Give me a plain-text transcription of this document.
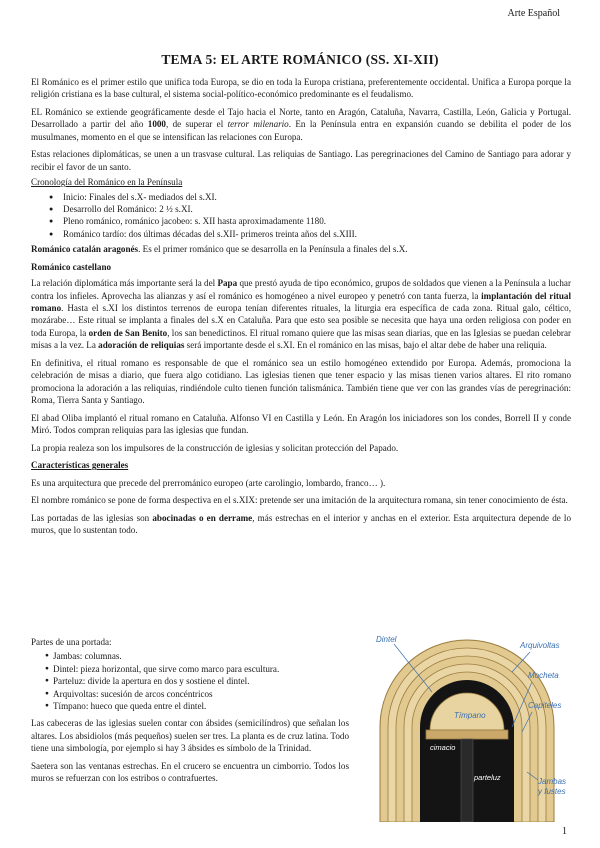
Arte Español
TEMA 5: EL ARTE ROMÁNICO (SS. XI-XII)

El Románico es el primer estilo que unifica toda Europa, se dio en toda la Europa cristiana, preferentemente occidental. Unifica a Europa porque la religión cristiana es la base cultural, el sistema social-político-económico predominante es el feudalismo.

EL Románico se extiende geográficamente desde el Tajo hacia el Norte, tanto en Aragón, Cataluña, Navarra, Castilla, León, Galicia y Portugal. Desarrollado a partir del año 1000, de superar el terror milenario. En la Península entra en expansión cuando se debilita el poder de los musulmanes, momento en el que se intensifican las relaciones con Europa.

Estas relaciones diplomáticas, se unen a un trasvase cultural. Las reliquias de Santiago. Las peregrinaciones del Camino de Santiago para adorar y recibir el favor de un santo.

Cronología del Románico en la Península
● Inicio: Finales del s.X- mediados del s.XI.
● Desarrollo del Románico: 2 ½ s.XI.
● Pleno románico, románico jacobeo: s. XII hasta aproximadamente 1180.
● Románico tardío: dos últimas décadas del s.XII- primeros treinta años del s.XIII.

Románico catalán aragonés. Es el primer románico que se desarrolla en la Península a finales del s.X.

Románico castellano

La relación diplomática más importante será la del Papa que prestó ayuda de tipo económico, grupos de soldados que vienen a la Península a luchar contra los infieles. Aprovecha las alianzas y así el románico es homogéneo a nivel europeo y penetró con tanta fuerza, la implantación del ritual romano. Hasta el s.XI los distintos terrenos de europa tenían diferentes rituales, la liturgia era específica de cada zona. Ritual galo, céltico, mozárabe… Este ritual se implanta a finales del s.X en Cataluña. Para que esto sea posible se necesita que haya una orden religiosa con poder en toda Europa, la orden de San Benito, los san benedictinos. El ritual romano quiere que las misas sean diarias, que en las Iglesias se puedan celebrar misas a la vez. La adoración de reliquias será importante desde el s.XI. En el románico en las misas, bajo el altar debe de haber una reliquia.

En definitiva, el ritual romano es responsable de que el románico sea un estilo homogéneo extendido por Europa. Además, promociona la celebración de misas a diario, que fuera algo cotidiano. Las iglesias tienen que tener espacio y las misas tienen varios altares. El rito romano promociona la adoración a las reliquias, rindiéndole culto tienen función talismánica. También tiene que ver con las grandes vías de peregrinación: Roma, Tierra Santa y Santiago.

El abad Oliba implantó el ritual romano en Cataluña. Alfonso VI en Castilla y León. En Aragón los iniciadores son los condes, Borrell II y conde Miró. Todos compran reliquias para las iglesias que fundan.

La propia realeza son los impulsores de la construcción de iglesias y solicitan protección del Papado.

Características generales

Es una arquitectura que precede del prerrománico europeo (arte carolingio, lombardo, franco… ).

El nombre románico se pone de forma despectiva en el s.XIX: pretende ser una imitación de la arquitectura romana, sin tener conocimiento de ésta.

Las portadas de las iglesias son abocinadas o en derrame, más estrechas en el interior y anchas en el exterior. Esta arquitectura depende de lo muros, que lo sustentan todo.

Partes de una portada:
● Jambas: columnas.
● Dintel: pieza horizontal, que sirve como marco para escultura.
● Parteluz: divide la apertura en dos y sostiene el dintel.
● Arquivoltas: sucesión de arcos concéntricos
● Tímpano: hueco que queda entre el dintel.

Las cabeceras de las iglesias suelen contar con ábsides (semicilíndros) que señalan los altares. Los absidiolos (más pequeños) suelen ser tres. La planta es de cruz latina. Todo tiene una simbología, por ejemplo si hay 3 ábsides es símbolo de la Trinidad.

Saetera son las ventanas estrechas. En el crucero se encuentra un cimborrio. Todos los muros se refuerzan con los estribos o contrafuertes.

Dintel
Arquivoltas
Mocheta
Capiteles
Tímpano
cimacio
parteluz	Jambas
y fustes
1
